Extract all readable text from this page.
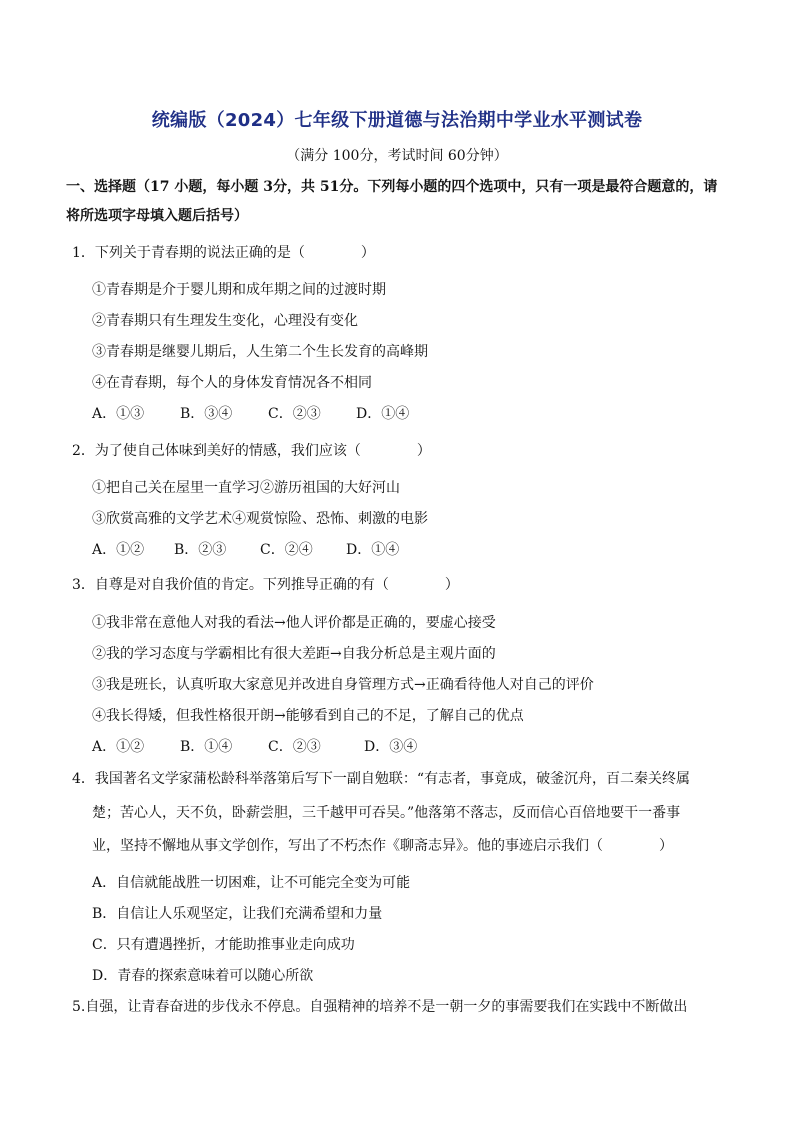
统编版（2024）七年级下册道德与法治期中学业水平测试卷
（满分 100分，考试时间 60分钟）
一、选择题（17 小题，每小题 3分，共 51分。下列每小题的四个选项中，只有一项是最符合题意的，请
将所选项字母填入题后括号）
1．下列关于青春期的说法正确的是（　　　　）
①青春期是介于婴儿期和成年期之间的过渡时期
②青春期只有生理发生变化，心理没有变化
③青春期是继婴儿期后，人生第二个生长发育的高峰期
④在青春期，每个人的身体发育情况各不相同
A．①③	B．③④	C．②③	D．①④
2．为了使自己体味到美好的情感，我们应该（　　　　）
①把自己关在屋里一直学习②游历祖国的大好河山
③欣赏高雅的文学艺术④观赏惊险、恐怖、刺激的电影
A．①② B．②③ C．②④ D．①④
3．自尊是对自我价值的肯定。下列推导正确的有（　　　　）
①我非常在意他人对我的看法→他人评价都是正确的，要虚心接受
②我的学习态度与学霸相比有很大差距→自我分析总是主观片面的
③我是班长，认真听取大家意见并改进自身管理方式→正确看待他人对自己的评价
④我长得矮，但我性格很开朗→能够看到自己的不足，了解自己的优点
A．①②	B．①④	C．②③	D．③④
4．我国著名文学家蒲松龄科举落第后写下一副自勉联：“有志者，事竟成，破釜沉舟，百二秦关终属
楚；苦心人，天不负，卧薪尝胆，三千越甲可吞吴。”他落第不落志，反而信心百倍地要干一番事
业，坚持不懈地从事文学创作，写出了不朽杰作《聊斋志异》。他的事迹启示我们（　　　　）
A．自信就能战胜一切困难，让不可能完全变为可能
B．自信让人乐观坚定，让我们充满希望和力量
C．只有遭遇挫折，才能助推事业走向成功
D．青春的探索意味着可以随心所欲
5.自强，让青春奋进的步伐永不停息。自强精神的培养不是一朝一夕的事需要我们在实践中不断做出
